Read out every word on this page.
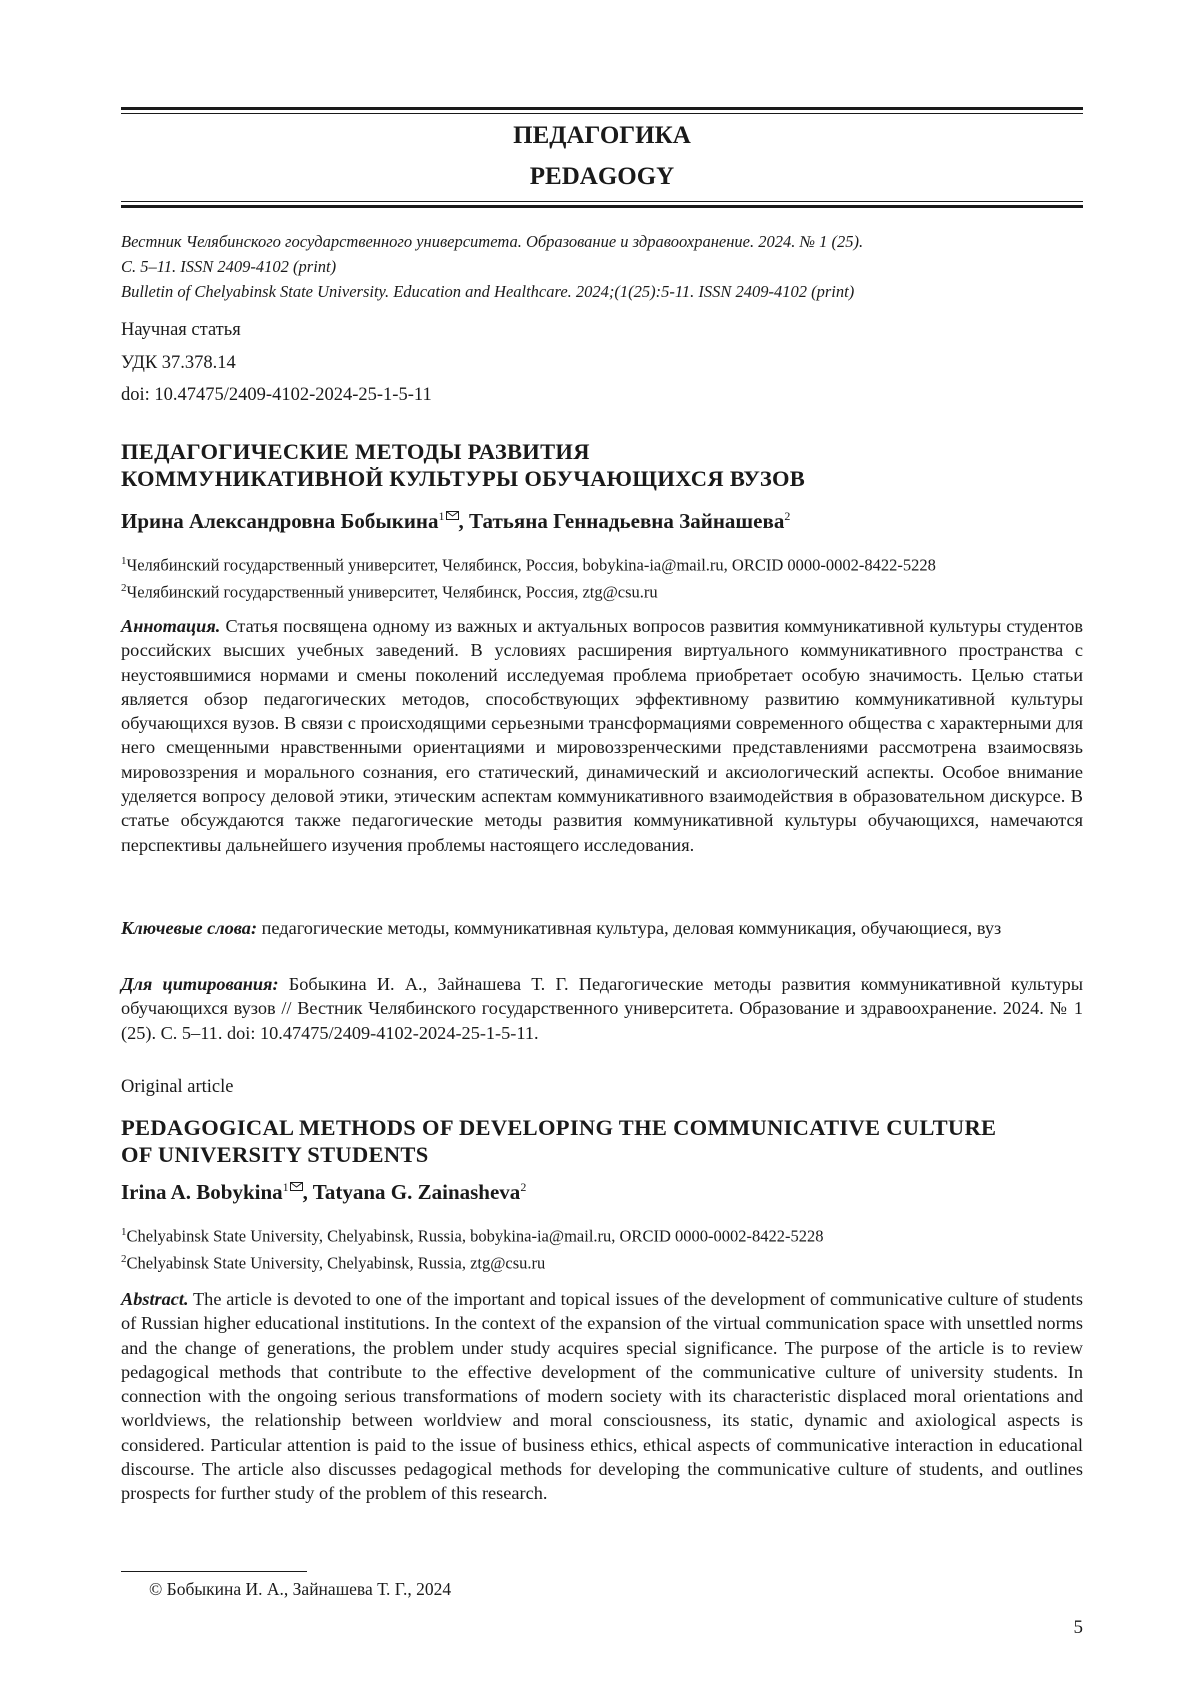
ПЕДАГОГИКА
PEDAGOGY
Вестник Челябинского государственного университета. Образование и здравоохранение. 2024. № 1 (25).
С. 5–11. ISSN 2409-4102 (print)
Bulletin of Chelyabinsk State University. Education and Healthcare. 2024;(1(25):5-11. ISSN 2409-4102 (print)
Научная статья
УДК 37.378.14
doi: 10.47475/2409-4102-2024-25-1-5-11
ПЕДАГОГИЧЕСКИЕ МЕТОДЫ РАЗВИТИЯ
КОММУНИКАТИВНОЙ КУЛЬТУРЫ ОБУЧАЮЩИХСЯ ВУЗОВ
Ирина Александровна Бобыкина$^1$ , Татьяна Геннадьевна Зайнашева$^2$
$^1$Челябинский государственный университет, Челябинск, Россия, bobykina-ia@mail.ru, ORCID 0000-0002-8422-5228
$^2$Челябинский государственный университет, Челябинск, Россия, ztg@csu.ru
Аннотация. Статья посвящена одному из важных и актуальных вопросов развития коммуникативной культуры студентов российских высших учебных заведений. В условиях расширения виртуального коммуникативного пространства с неустоявшимися нормами и смены поколений исследуемая проблема приобретает особую значимость. Целью статьи является обзор педагогических методов, способствующих эффективному развитию коммуникативной культуры обучающихся вузов. В связи с происходящими серьезными трансформациями современного общества с характерными для него смещенными нравственными ориентациями и мировоззренческими представлениями рассмотрена взаимосвязь мировоззрения и морального сознания, его статический, динамический и аксиологический аспекты. Особое внимание уделяется вопросу деловой этики, этическим аспектам коммуникативного взаимодействия в образовательном дискурсе. В статье обсуждаются также педагогические методы развития коммуникативной культуры обучающихся, намечаются перспективы дальнейшего изучения проблемы настоящего исследования.
Ключевые слова: педагогические методы, коммуникативная культура, деловая коммуникация, обучающиеся, вуз
Для цитирования: Бобыкина И. А., Зайнашева Т. Г. Педагогические методы развития коммуникативной культуры обучающихся вузов // Вестник Челябинского государственного университета. Образование и здравоохранение. 2024. № 1 (25). С. 5–11. doi: 10.47475/2409-4102-2024-25-1-5-11.
Original article
PEDAGOGICAL METHODS OF DEVELOPING THE COMMUNICATIVE CULTURE
OF UNIVERSITY STUDENTS
Irina A. Bobykina$^1$ , Tatyana G. Zainasheva$^2$
$^1$Chelyabinsk State University, Chelyabinsk, Russia, bobykina-ia@mail.ru, ORCID 0000-0002-8422-5228
$^2$Chelyabinsk State University, Chelyabinsk, Russia, ztg@csu.ru
Abstract. The article is devoted to one of the important and topical issues of the development of communicative culture of students of Russian higher educational institutions. In the context of the expansion of the virtual communication space with unsettled norms and the change of generations, the problem under study acquires special significance. The purpose of the article is to review pedagogical methods that contribute to the effective development of the communicative culture of university students. In connection with the ongoing serious transformations of modern society with its characteristic displaced moral orientations and worldviews, the relationship between worldview and moral consciousness, its static, dynamic and axiological aspects is considered. Particular attention is paid to the issue of business ethics, ethical aspects of communicative interaction in educational discourse. The article also discusses pedagogical methods for developing the communicative culture of students, and outlines prospects for further study of the problem of this research.
© Бобыкина И. А., Зайнашева Т. Г., 2024
5
